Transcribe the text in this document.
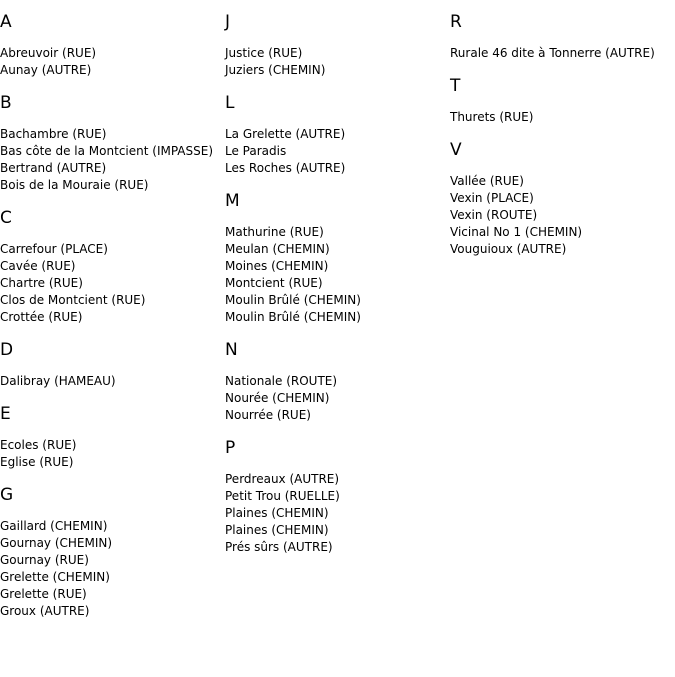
A
Abreuvoir (RUE)
Aunay (AUTRE)
B
Bachambre (RUE)
Bas côte de la Montcient (IMPASSE)
Bertrand (AUTRE)
Bois de la Mouraie (RUE)
C
Carrefour (PLACE)
Cavée (RUE)
Chartre (RUE)
Clos de Montcient (RUE)
Crottée (RUE)
D
Dalibray (HAMEAU)
E
Ecoles (RUE)
Eglise (RUE)
G
Gaillard (CHEMIN)
Gournay (CHEMIN)
Gournay (RUE)
Grelette (CHEMIN)
Grelette (RUE)
Groux (AUTRE)
J
Justice (RUE)
Juziers (CHEMIN)
L
La Grelette (AUTRE)
Le Paradis
Les Roches (AUTRE)
M
Mathurine (RUE)
Meulan (CHEMIN)
Moines (CHEMIN)
Montcient (RUE)
Moulin Brûlé (CHEMIN)
Moulin Brûlé (CHEMIN)
N
Nationale (ROUTE)
Nourée (CHEMIN)
Nourrée (RUE)
P
Perdreaux (AUTRE)
Petit Trou (RUELLE)
Plaines (CHEMIN)
Plaines (CHEMIN)
Prés sûrs (AUTRE)
R
Rurale 46 dite à Tonnerre (AUTRE)
T
Thurets (RUE)
V
Vallée (RUE)
Vexin (PLACE)
Vexin (ROUTE)
Vicinal No 1 (CHEMIN)
Vouguioux (AUTRE)
